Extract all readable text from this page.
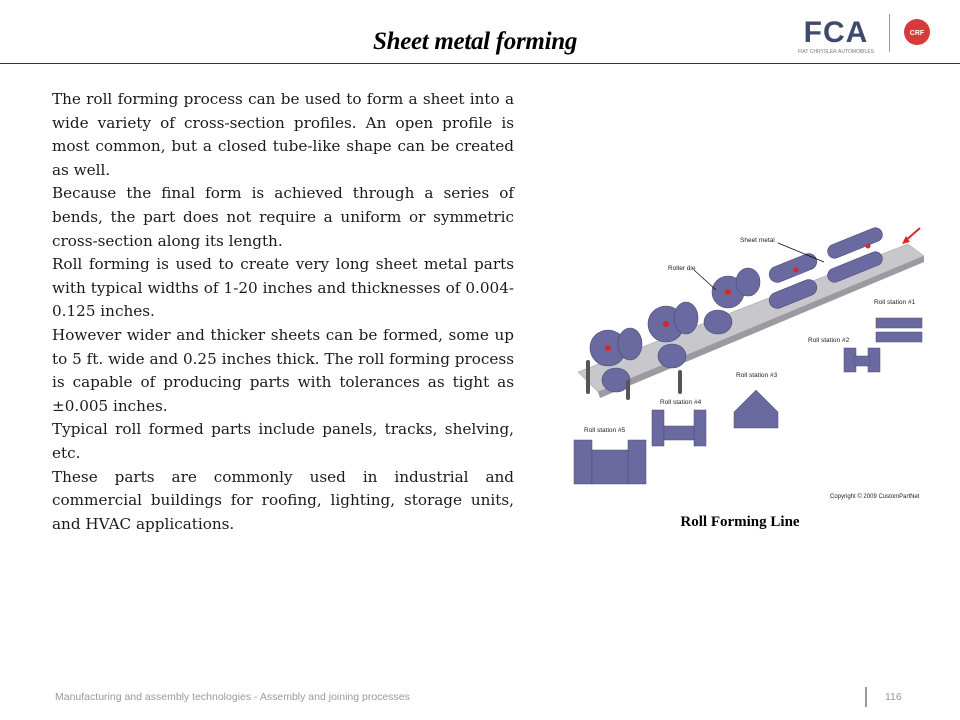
Sheet metal forming	FCA
FIAT CHRYSLER AUTOMOBILES
CRF

The roll forming process can be used to form a sheet into a wide variety of cross-section profiles. An open profile is most common, but a closed tube-like shape can be created as well.

Because the final form is achieved through a series of bends, the part does not require a uniform or symmetric cross-section along its length.

Roll forming is used to create very long sheet metal parts with typical widths of 1-20 inches and thicknesses of 0.004-0.125 inches.

However wider and thicker sheets can be formed, some up to 5 ft. wide and 0.25 inches thick. The roll forming process is capable of producing parts with tolerances as tight as ±0.005 inches.

Typical roll formed parts include panels, tracks, shelving, etc.

These parts are commonly used in industrial and commercial buildings for roofing, lighting, storage units, and HVAC applications.

Sheet metal
Roller die
Roll station #1
Roll station #2
Roll station #3
Roll station #4
Roll station #5
Copyright © 2009 CustomPartNet
Roll Forming Line
Manufacturing and assembly technologies - Assembly and joining processes	116
